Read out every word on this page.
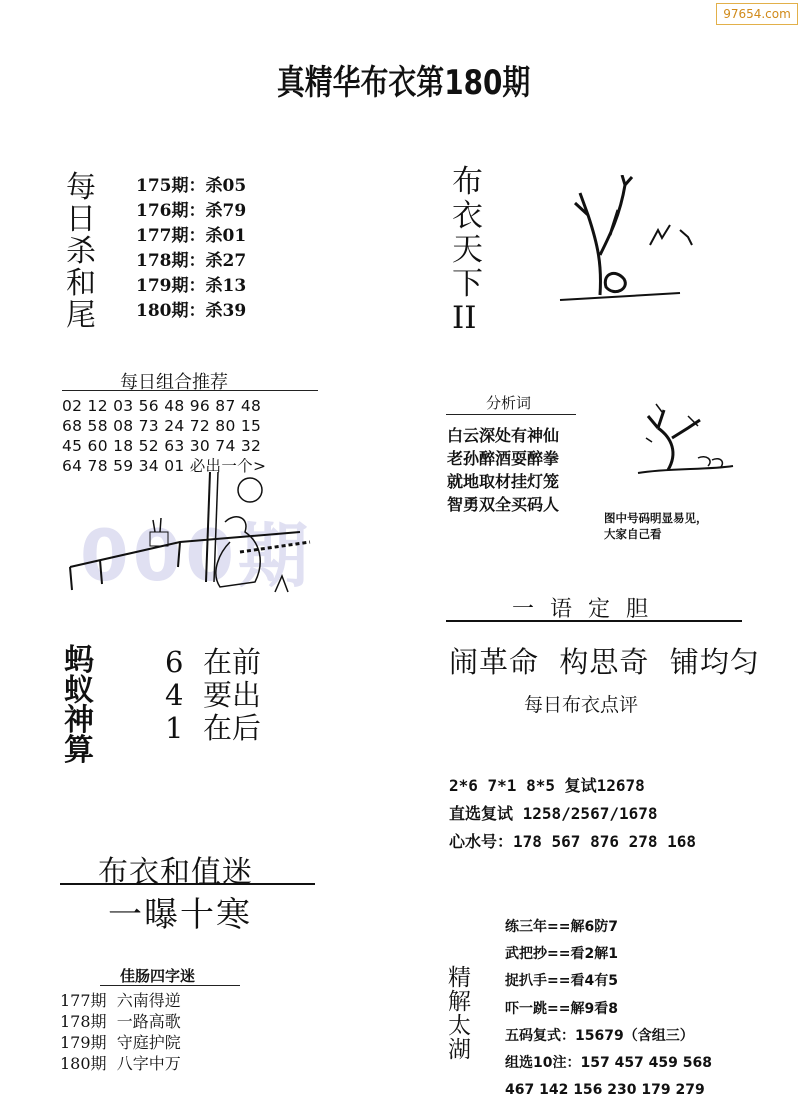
97654.com
真精华布衣第180期
每
日
杀
和
尾
175期：杀05
176期：杀79
177期：杀01
178期：杀27
179期：杀13
180期：杀39
布
衣
天
下
II
每日组合推荐
000期
02 12 03 56 48 96 87 48
68 58 08 73 24 72 80 15
45 60 18 52 63 30 74 32
64 78 59 34 01 必出一个>
分析词
白云深处有神仙
老孙醉酒耍醉拳
就地取材挂灯笼
智勇双全买码人
图中号码明显易见，
大家自己看
一语定胆
闹革命  构思奇  铺均匀
每日布衣点评
蚂
蚁
神
算
6 在前
4 要出
1 在后
2*6 7*1 8*5 复试12678
直选复试 1258/2567/1678
心水号：178 567 876 278 168
布衣和值迷
一曝十寒
佳肠四字迷
177期  六南得逆
178期  一路高歌
179期  守庭护院
180期  八字中万
精
解
太
湖
练三年==解6防7
武把抄==看2解1
捉扒手==看4有5
吓一跳==解9看8
五码复式：15679（含组三）
组选10注：157 457 459 568
467 142 156 230 179 279
